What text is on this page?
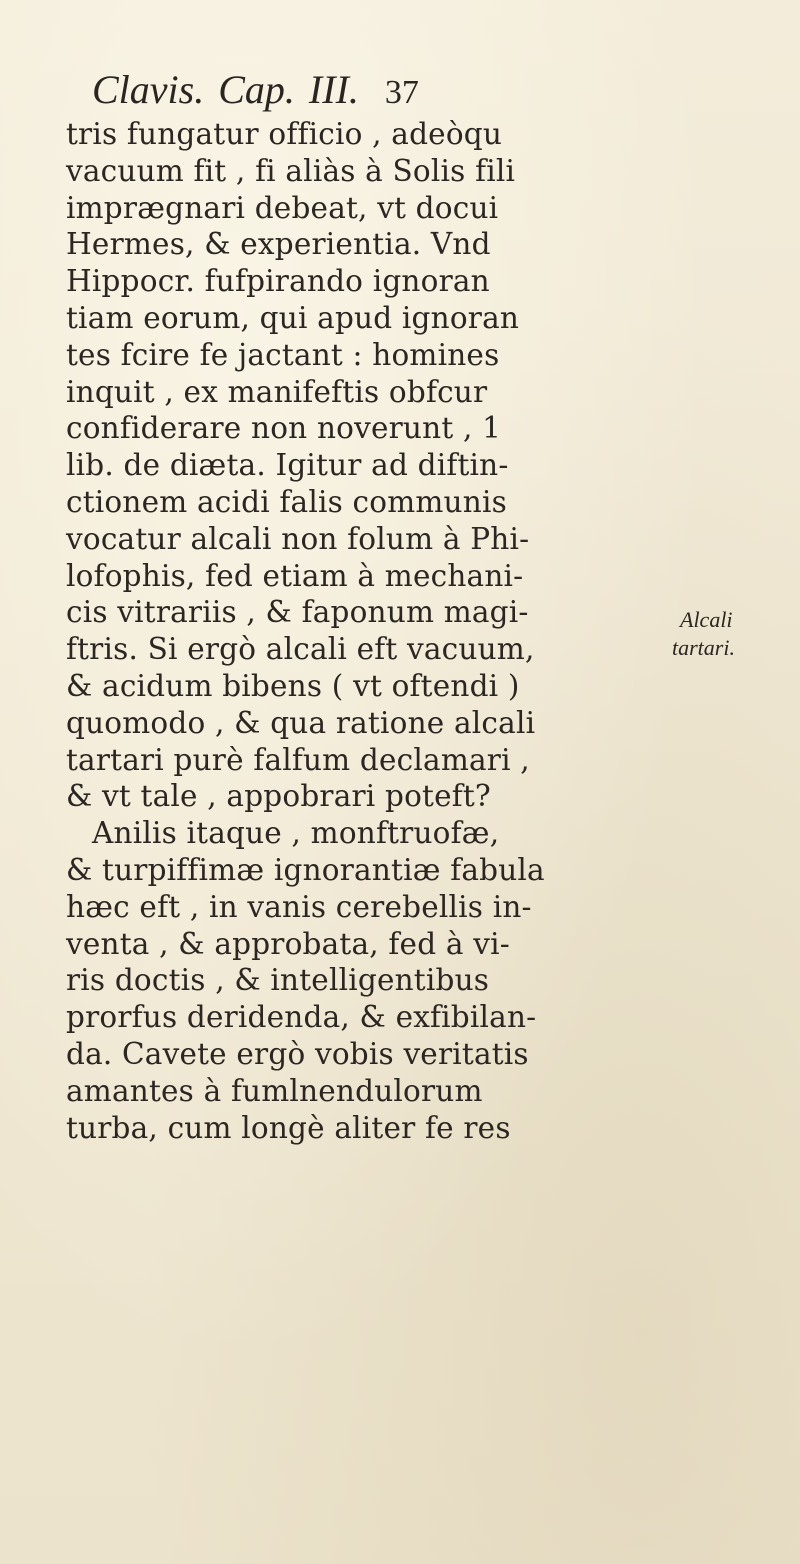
Clavis. Cap. III. 37
tris fungatur officio , adeòqu
vacuum fit , fi aliàs à Solis fili
imprægnari debeat, vt docui
Hermes, & experientia. Vnd
Hippocr. fufpirando ignoran
tiam eorum, qui apud ignoran
tes fcire fe jactant : homines
inquit , ex manifeftis obfcur
confiderare non noverunt , 1
lib. de diæta. Igitur ad diftin-
ctionem acidi falis communis
vocatur alcali non folum à Phi-
lofophis, fed etiam à mechani-
cis vitrariis , & faponum magi-
ftris. Si ergò alcali eft vacuum,
& acidum bibens ( vt oftendi )
quomodo , & qua ratione alcali
tartari purè falfum declamari ,
& vt tale , appobrari poteft?
Anilis itaque , monftruofæ,
& turpiffimæ ignorantiæ fabula
hæc eft , in vanis cerebellis in-
venta , & approbata, fed à vi-
ris doctis , & intelligentibus
prorfus deridenda, & exfibilan-
da. Cavete ergò vobis veritatis
amantes à fumlnendulorum
turba, cum longè aliter fe res
Alcali
tartari.
